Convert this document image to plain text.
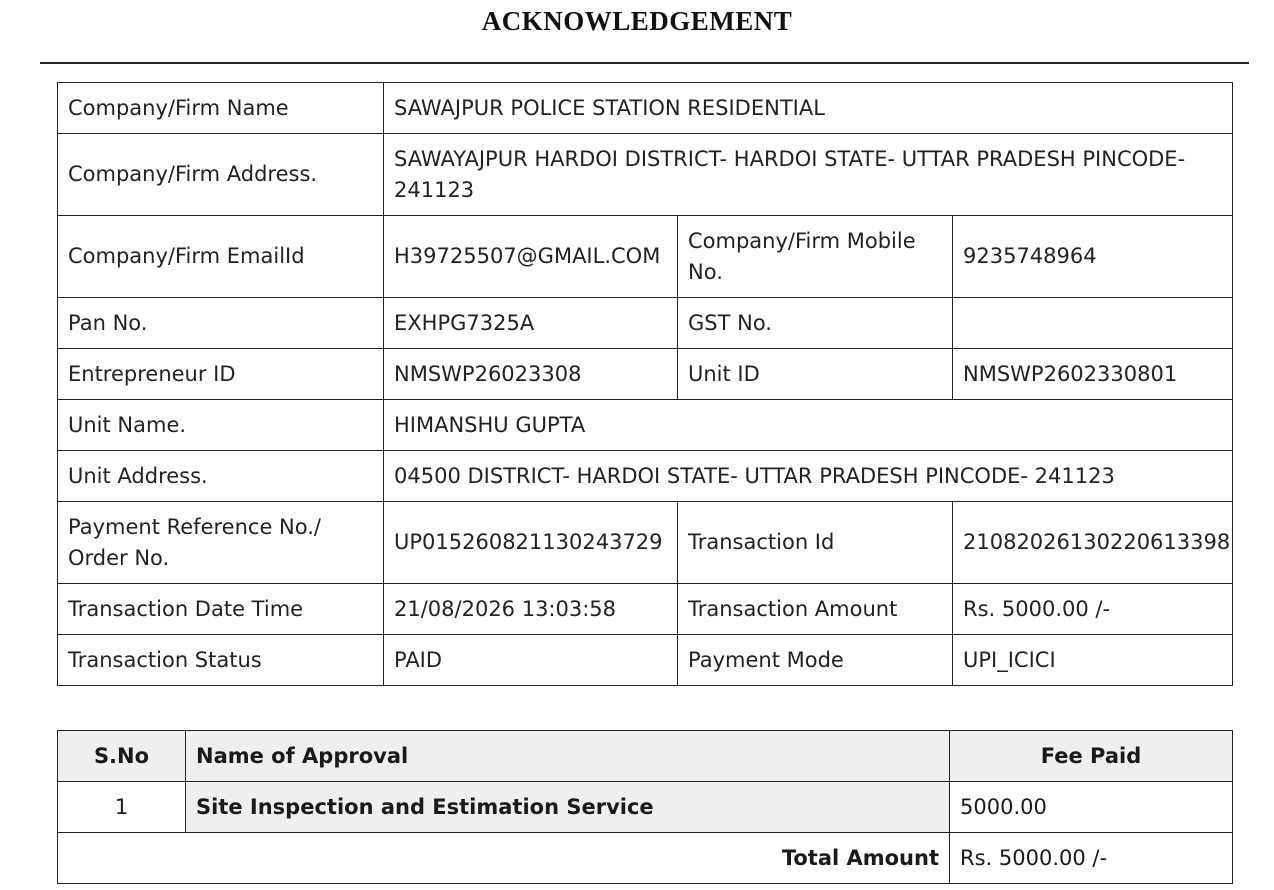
ACKNOWLEDGEMENT
Company/Firm Name	SAWAJPUR POLICE STATION RESIDENTIAL		
Company/Firm Address.	SAWAYAJPUR HARDOI DISTRICT- HARDOI STATE- UTTAR PRADESH PINCODE- 241123		
Company/Firm EmailId	H39725507@GMAIL.COM	Company/Firm Mobile No.	9235748964
Pan No.	EXHPG7325A	GST No.	
Entrepreneur ID	NMSWP26023308	Unit ID	NMSWP2602330801
Unit Name.	HIMANSHU GUPTA		
Unit Address.	04500 DISTRICT- HARDOI STATE- UTTAR PRADESH PINCODE- 241123		
Payment Reference No./ Order No.	UP015260821130243729	Transaction Id	21082026130220613398
Transaction Date Time	21/08/2026 13:03:58	Transaction Amount	Rs. 5000.00 /-
Transaction Status	PAID	Payment Mode	UPI_ICICI
S.No	Name of Approval	Fee Paid
1	Site Inspection and Estimation Service	5000.00
Total Amount		Rs. 5000.00 /-
